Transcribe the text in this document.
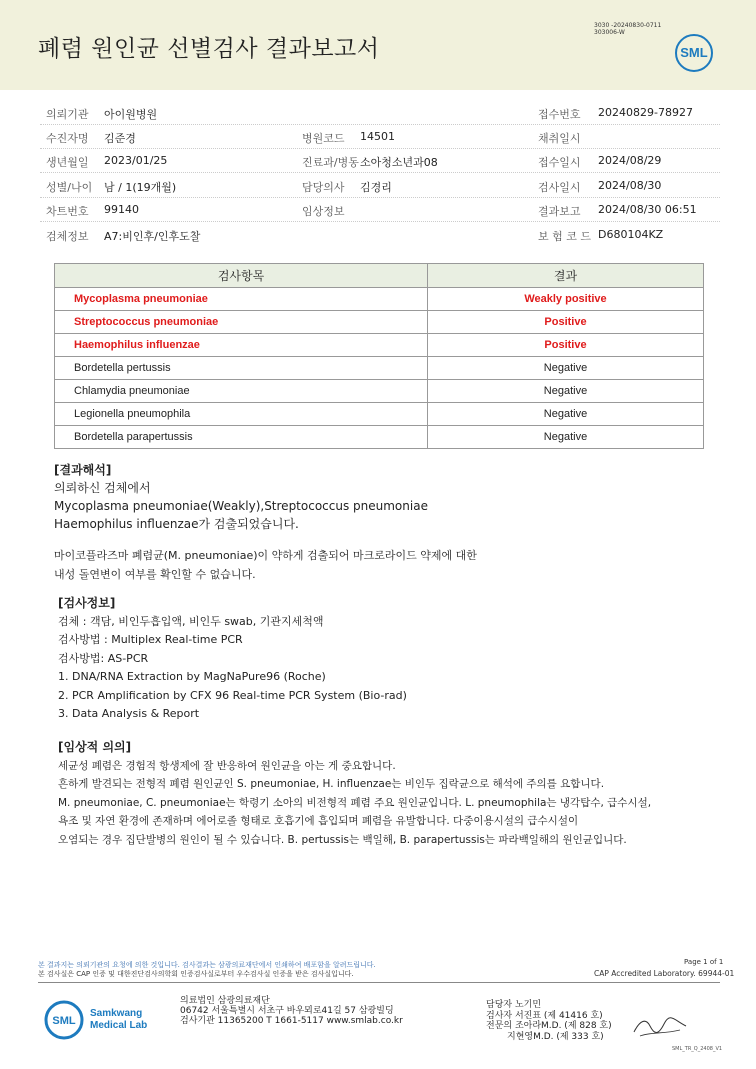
폐렴 원인균 선별검사 결과보고서
3030 -20240830-0711
303006-W
SML
의뢰기관 아이원병원	접수번호 20240829-78927
수진자명 김준경	병원코드 14501	채취일시
생년월일 2023/01/25	진료과/병동 소아청소년과08	접수일시 2024/08/29
성별/나이 남 / 1(19개월)	담당의사 김경리	검사일시 2024/08/30
차트번호 99140	임상정보	결과보고 2024/08/30 06:51
검체정보 A7:비인후/인후도찰	보 험 코 드 D680104KZ
검사항목	결과
Mycoplasma pneumoniae	Weakly positive
Streptococcus pneumoniae	Positive
Haemophilus influenzae	Positive
Bordetella pertussis	Negative
Chlamydia pneumoniae	Negative
Legionella pneumophila	Negative
Bordetella parapertussis	Negative
[결과해석]
의뢰하신 검체에서
Mycoplasma pneumoniae(Weakly),Streptococcus pneumoniae
Haemophilus influenzae가 검출되었습니다.
마이코플라즈마 폐렴균(M. pneumoniae)이 약하게 검출되어 마크로라이드 약제에 대한
내성 돌연변이 여부를 확인할 수 없습니다.
[검사정보]
검체 : 객담, 비인두흡입액, 비인두 swab, 기관지세척액
검사방법 : Multiplex Real-time PCR
검사방법: AS-PCR
1. DNA/RNA Extraction by MagNaPure96 (Roche)
2. PCR Amplification by CFX 96 Real-time PCR System (Bio-rad)
3. Data Analysis & Report
[임상적 의의]
세균성 폐렴은 경험적 항생제에 잘 반응하여 원인균을 아는 게 중요합니다.
흔하게 발견되는 전형적 폐렴 원인균인 S. pneumoniae, H. influenzae는 비인두 집락균으로 해석에 주의를 요합니다.
M. pneumoniae, C. pneumoniae는 학령기 소아의 비전형적 폐렴 주요 원인균입니다. L. pneumophila는 냉각탑수, 급수시설,
욕조 및 자연 환경에 존재하며 에어로졸 형태로 호흡기에 흡입되며 폐렴을 유발합니다. 다중이용시설의 급수시설이
오염되는 경우 집단발병의 원인이 될 수 있습니다. B. pertussis는 백일해, B. parapertussis는 파라백일해의 원인균입니다.
본 결과지는 의뢰기관의 요청에 의한 것입니다. 검사결과는 삼광의료재단에서 인쇄하여 배포함을 알려드립니다.
본 검사실은 CAP 인증 및 대한진단검사의학회 인증검사실로부터 우수검사실 인증을 받은 검사실입니다.
Page 1 of 1
CAP Accredited Laboratory. 69944-01
SML
Samkwang
Medical Lab
의료법인 삼광의료재단
06742 서울특별시 서초구 바우뫼로41길 57 삼광빌딩
검사기관 11365200 T 1661-5117 www.smlab.co.kr
담당자 노기민
검사자 서진표 (제 41416 호)
전문의 조아라M.D. (제 828 호)
지현영M.D. (제 333 호)
SML_TR_Q_2408_V1
